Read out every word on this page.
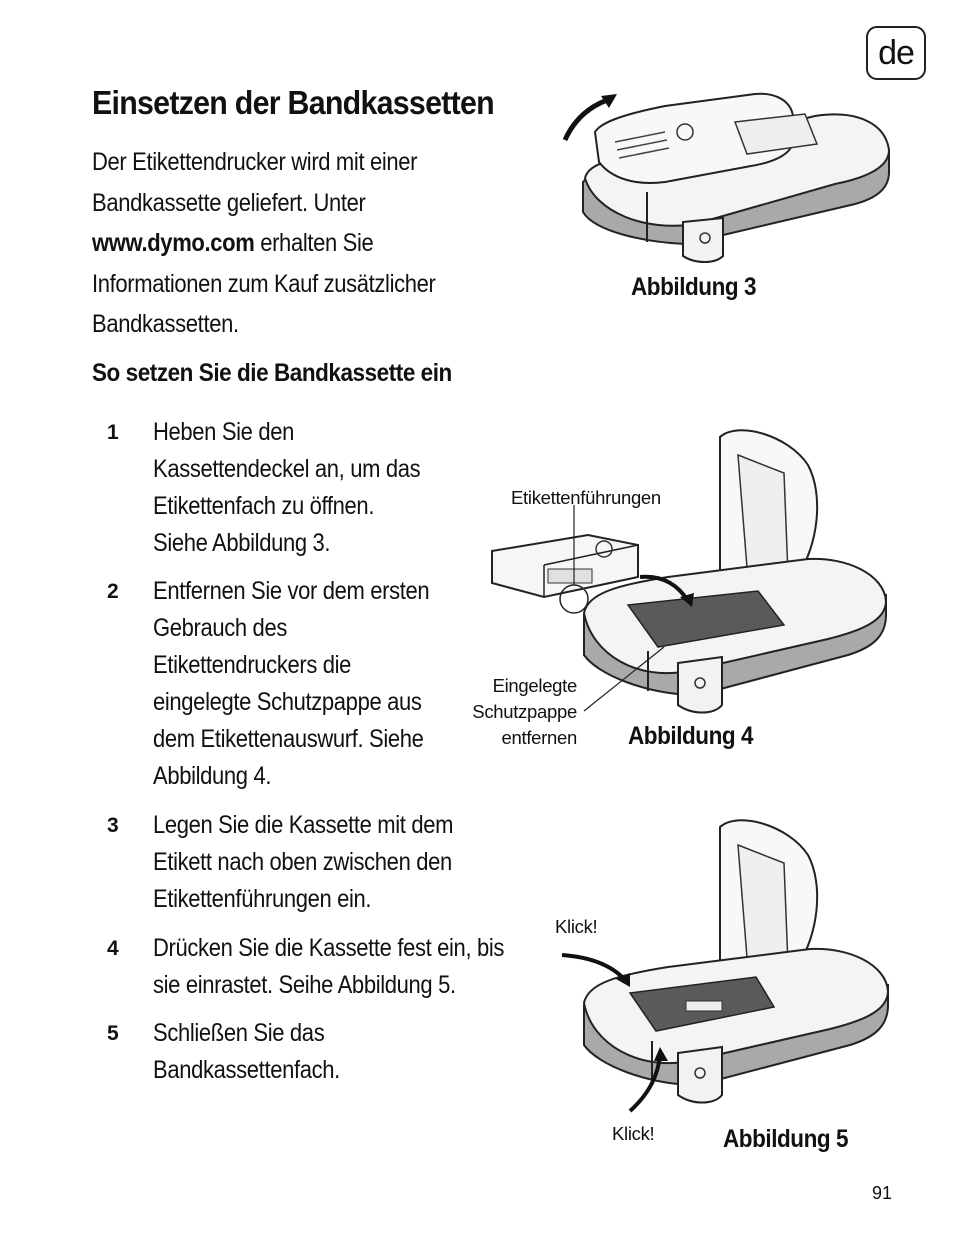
de
Einsetzen der Bandkassetten
Der Etikettendrucker wird mit einer Bandkassette geliefert. Unter www.dymo.com erhalten Sie Informationen zum Kauf zusätzlicher Bandkassetten.
So setzen Sie die Bandkassette ein
1 Heben Sie den
Kassettendeckel an, um das
Etikettenfach zu öffnen.
Siehe Abbildung 3.
2 Entfernen Sie vor dem ersten
Gebrauch des
Etikettendruckers die
eingelegte Schutzpappe aus
dem Etikettenauswurf. Siehe
Abbildung 4.
3 Legen Sie die Kassette mit dem
Etikett nach oben zwischen den
Etikettenführungen ein.
4 Drücken Sie die Kassette fest ein, bis
sie einrastet. Seihe Abbildung 5.
5 Schließen Sie das
Bandkassettenfach.
Abbildung 3
Etikettenführungen
Eingelegte
Schutzpappe
entfernen Abbildung 4
Klick!
Klick!	Abbildung 5
91
